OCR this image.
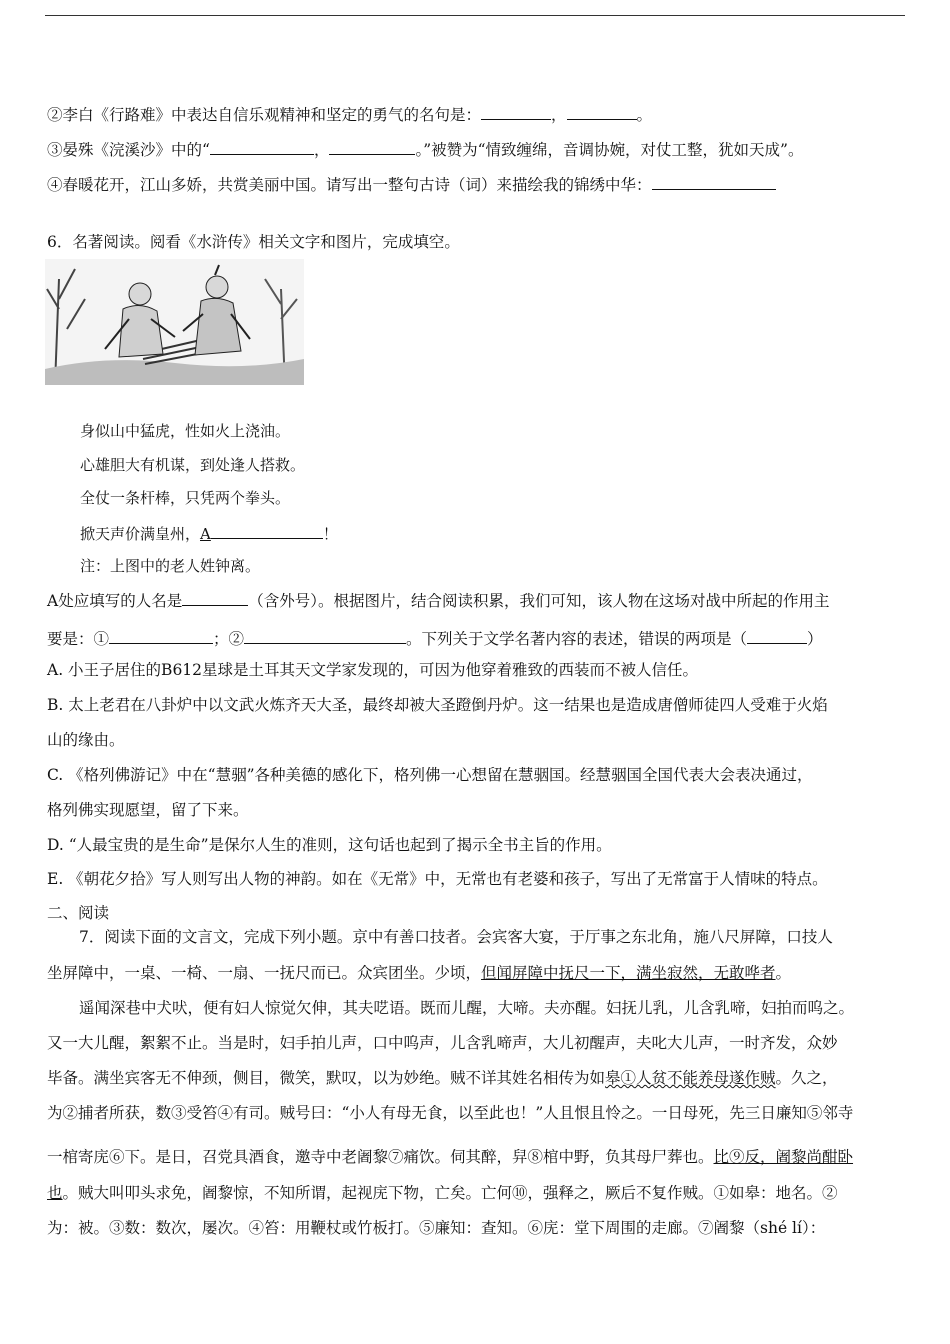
②李白《行路难》中表达自信乐观精神和坚定的勇气的名句是：	，	。
③晏殊《浣溪沙》中的“	，	。”被赞为“情致缠绵，音调协婉，对仗工整，犹如天成”。
④春暖花开，江山多娇，共赏美丽中国。请写出一整句古诗（词）来描绘我的锦绣中华：
6．名著阅读。阅看《水浒传》相关文字和图片，完成填空。
身似山中猛虎，性如火上浇油。
心雄胆大有机谋，到处逢人搭救。
全仗一条杆棒，只凭两个拳头。
掀天声价满皇州，A	！
注：上图中的老人姓钟离。
A处应填写的人名是	（含外号）。根据图片，结合阅读积累，我们可知，该人物在这场对战中所起的作用主
要是：①	；②	。下列关于文学名著内容的表述，错误的两项是（	）
A. 小王子居住的B612星球是土耳其天文学家发现的，可因为他穿着雅致的西装而不被人信任。
B. 太上老君在八卦炉中以文武火炼齐天大圣，最终却被大圣蹬倒丹炉。这一结果也是造成唐僧师徒四人受难于火焰
山的缘由。
C. 《格列佛游记》中在“慧骃”各种美德的感化下，格列佛一心想留在慧骃国。经慧骃国全国代表大会表决通过，
格列佛实现愿望，留了下来。
D. “人最宝贵的是生命”是保尔人生的准则，这句话也起到了揭示全书主旨的作用。
E. 《朝花夕拾》写人则写出人物的神韵。如在《无常》中，无常也有老婆和孩子，写出了无常富于人情味的特点。
二、阅读
7．阅读下面的文言文，完成下列小题。京中有善口技者。会宾客大宴，于厅事之东北角，施八尺屏障，口技人
坐屏障中，一桌、一椅、一扇、一抚尺而已。众宾团坐。少顷，但闻屏障中抚尺一下，满坐寂然，无敢哗者。
遥闻深巷中犬吠，便有妇人惊觉欠伸，其夫呓语。既而儿醒，大啼。夫亦醒。妇抚儿乳，儿含乳啼，妇拍而呜之。
又一大儿醒，絮絮不止。当是时，妇手拍儿声，口中呜声，儿含乳啼声，大儿初醒声，夫叱大儿声，一时齐发，众妙
毕备。满坐宾客无不伸颈，侧目，微笑，默叹，以为妙绝。贼不详其姓名相传为如皋①人贫不能养母遂作贼。久之，
为②捕者所获，数③受笞④有司。贼号曰：“小人有母无食，以至此也！”人且恨且怜之。一日母死，先三日廉知⑤邻寺
一棺寄庑⑥下。是日，召党具酒食，邀寺中老阇黎⑦痛饮。伺其醉，舁⑧棺中野，负其母尸葬也。比⑨反，阇黎尚酣卧
也。贼大叫叩头求免，阇黎惊，不知所谓，起视庑下物，亡矣。亡何⑩，强释之，厥后不复作贼。①如皋：地名。②
为：被。③数：数次，屡次。④笞：用鞭杖或竹板打。⑤廉知：查知。⑥庑：堂下周围的走廊。⑦阇黎（shé lí）：
